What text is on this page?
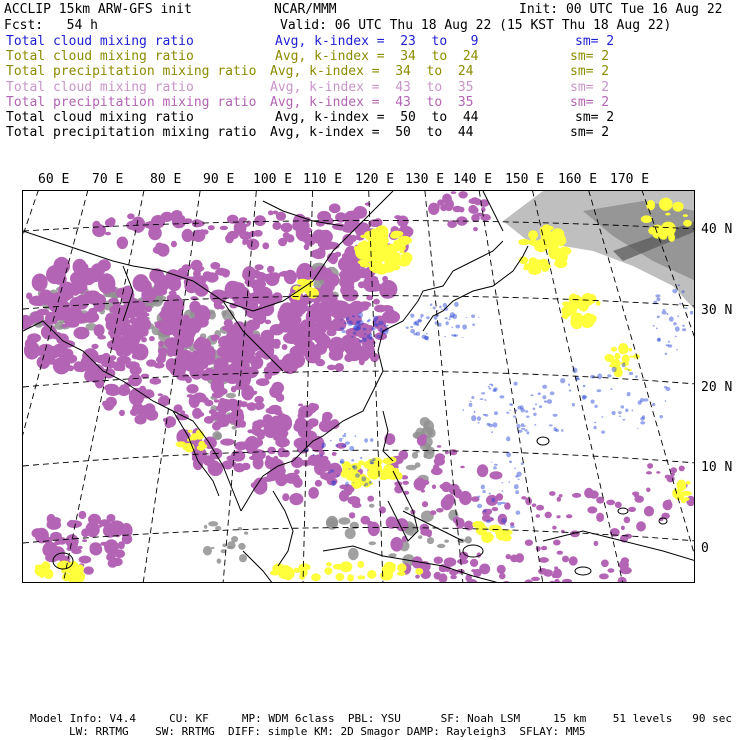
ACCLIP 15km ARW-GFS init	NCAR/MMM	Init: 00 UTC Tue 16 Aug 22
Fcst:   54 h	Valid: 06 UTC Thu 18 Aug 22 (15 KST Thu 18 Aug 22)
Total cloud mixing ratio	Avg, k-index =  23  to   9	sm= 2
Total cloud mixing ratio	Avg, k-index =  34  to  24	sm= 2
Total precipitation mixing ratio Avg, k-index =  34  to  24	sm= 2
Total cloud mixing ratio	Avg, k-index =  43  to  35	sm= 2
Total precipitation mixing ratio Avg, k-index =  43  to  35	sm= 2
Total cloud mixing ratio	Avg, k-index =  50  to  44	sm= 2
Total precipitation mixing ratio Avg, k-index =  50  to  44	sm= 2
60 E 70 E 80 E 90 E 100 E 110 E 120 E 130 E 140 E 150 E 160 E 170 E
40 N
30 N
20 N
10 N
0
Model Info: V4.4     CU: KF     MP: WDM 6class  PBL: YSU      SF: Noah LSM     15 km    51 levels   90 sec
LW: RRTMG    SW: RRTMG  DIFF: simple KM: 2D Smagor DAMP: Rayleigh3  SFLAY: MM5
